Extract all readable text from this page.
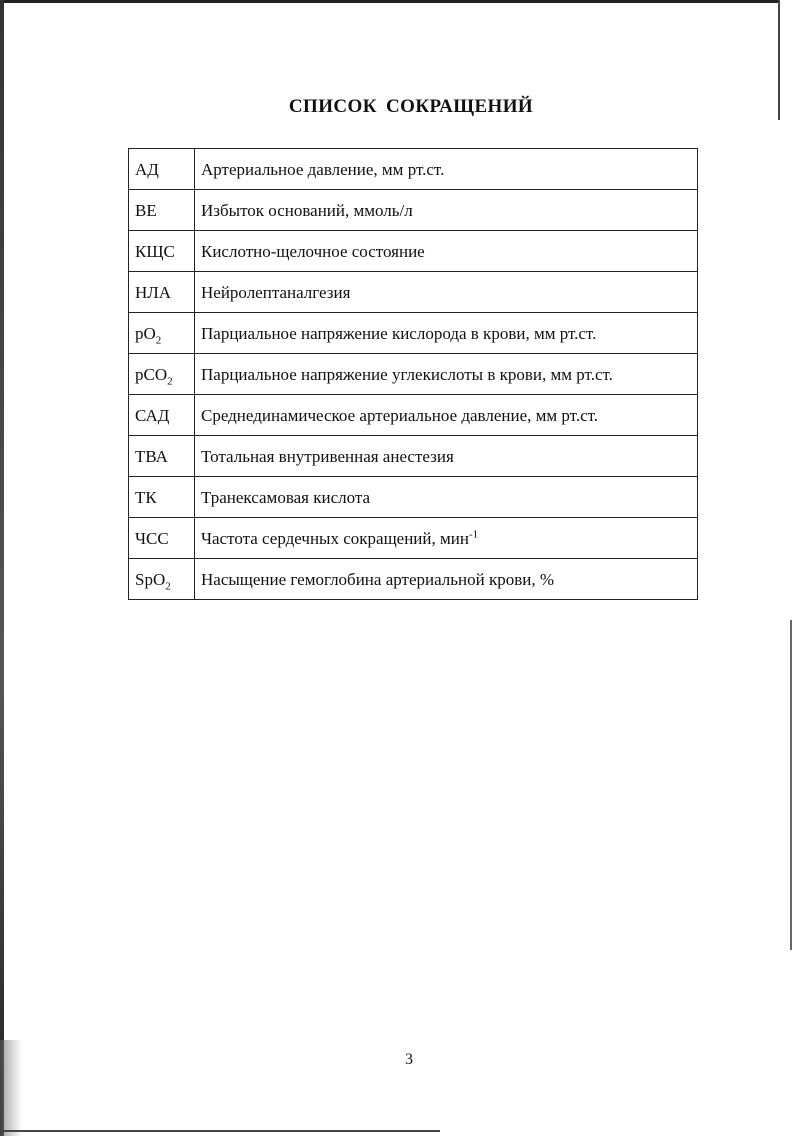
СПИСОК СОКРАЩЕНИЙ
АД	Артериальное давление, мм рт.ст.
ВЕ	Избыток оснований, ммоль/л
КЩС	Кислотно-щелочное состояние
НЛА	Нейролептаналгезия
$pO_2$	Парциальное напряжение кислорода в крови, мм рт.ст.
pCO$_2$	Парциальное напряжение углекислоты в крови, мм рт.ст.
САД	Среднединамическое артериальное давление, мм рт.ст.
ТВА	Тотальная внутривенная анестезия
ТК	Транексамовая кислота
ЧСС	Частота сердечных сокращений, мин$^{-1}$
SpO$_2$	Насыщение гемоглобина артериальной крови, %
3
